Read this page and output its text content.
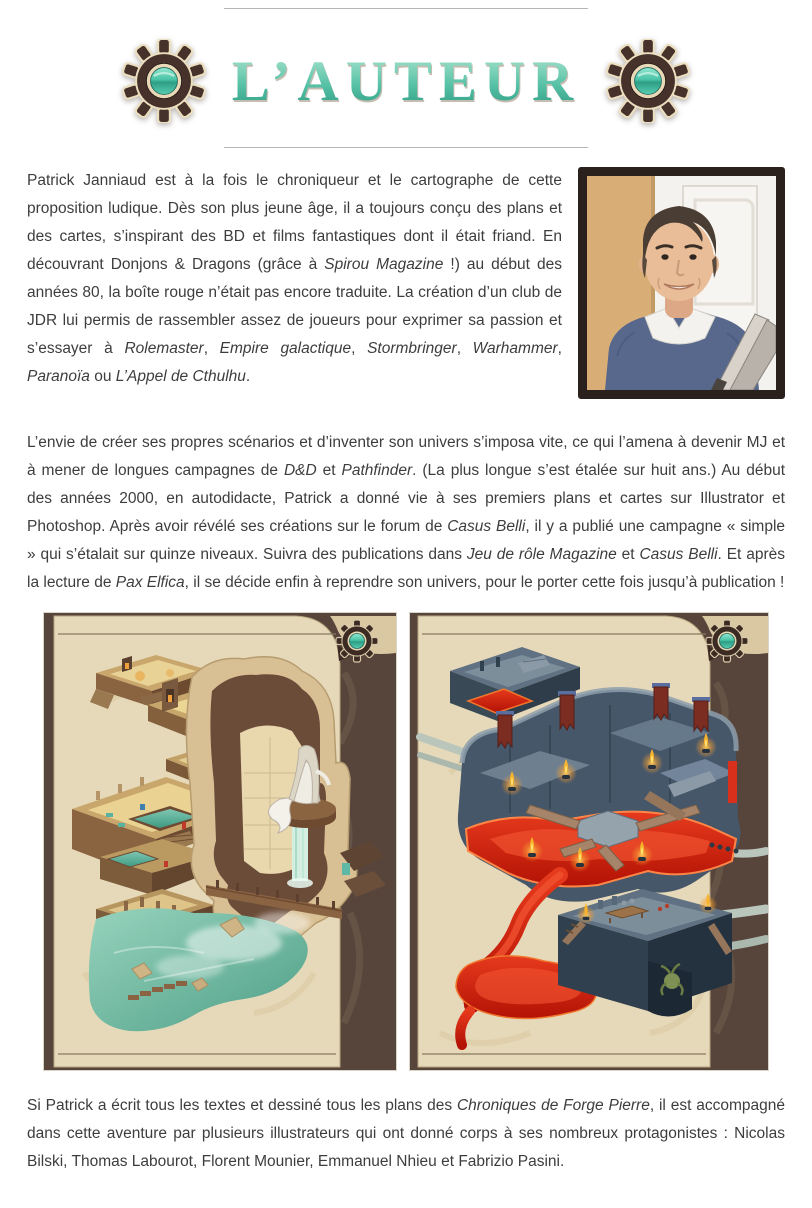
L’AUTEUR

Patrick Janniaud est à la fois le chroniqueur et le cartographe de cette proposition ludique. Dès son plus jeune âge, il a toujours conçu des plans et des cartes, s’inspirant des BD et films fantastiques dont il était friand. En découvrant Donjons & Dragons (grâce à Spirou Magazine !) au début des années 80, la boîte rouge n’était pas encore traduite. La création d’un club de JDR lui permis de rassembler assez de joueurs pour exprimer sa passion et s’essayer à Rolemaster, Empire galactique, Stormbringer, Warhammer, Paranoïa ou L’Appel de Cthulhu.

L’envie de créer ses propres scénarios et d’inventer son univers s’imposa vite, ce qui l’amena à devenir MJ et à mener de longues campagnes de D&D et Pathfinder. (La plus longue s’est étalée sur huit ans.) Au début des années 2000, en autodidacte, Patrick a donné vie à ses premiers plans et cartes sur Illustrator et Photoshop. Après avoir révélé ses créations sur le forum de Casus Belli, il y a publié une campagne « simple » qui s’étalait sur quinze niveaux. Suivra des publications dans Jeu de rôle Magazine et Casus Belli. Et après la lecture de Pax Elfica, il se décide enfin à reprendre son univers, pour le porter cette fois jusqu’à publication !

Si Patrick a écrit tous les textes et dessiné tous les plans des Chroniques de Forge Pierre, il est accompagné dans cette aventure par plusieurs illustrateurs qui ont donné corps à ses nombreux protagonistes : Nicolas Bilski, Thomas Labourot, Florent Mounier, Emmanuel Nhieu et Fabrizio Pasini.
